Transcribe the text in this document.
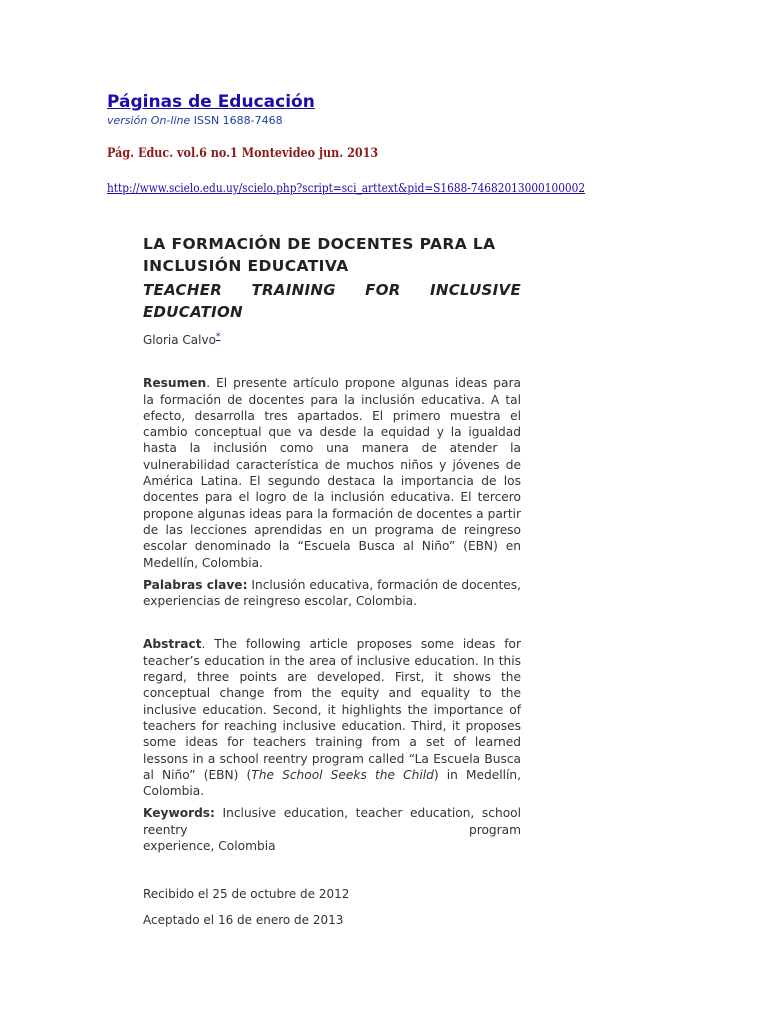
Páginas de Educación
versión On-line ISSN 1688-7468
Pág. Educ. vol.6 no.1 Montevideo jun. 2013
http://www.scielo.edu.uy/scielo.php?script=sci_arttext&pid=S1688-74682013000100002
LA FORMACIÓN DE DOCENTES PARA LA INCLUSIÓN EDUCATIVA
TEACHER TRAINING FOR INCLUSIVE EDUCATION
Gloria Calvo*

Resumen. El presente artículo propone algunas ideas para la formación de docentes para la inclusión educativa. A tal efecto, desarrolla tres apartados. El primero muestra el cambio conceptual que va desde la equidad y la igualdad hasta la inclusión como una manera de atender la vulnerabilidad característica de muchos niños y jóvenes de América Latina. El segundo destaca la importancia de los docentes para el logro de la inclusión educativa. El tercero propone algunas ideas para la formación de docentes a partir de las lecciones aprendidas en un programa de reingreso escolar denominado la “Escuela Busca al Niño” (EBN) en Medellín, Colombia.

Palabras clave: Inclusión educativa, formación de docentes, experiencias de reingreso escolar, Colombia.

Abstract. The following article proposes some ideas for teacher’s education in the area of inclusive education. In this regard, three points are developed. First, it shows the conceptual change from the equity and equality to the inclusive education. Second, it highlights the importance of teachers for reaching inclusive education. Third, it proposes some ideas for teachers training from a set of learned lessons in a school reentry program called “La Escuela Busca al Niño” (EBN) (The School Seeks the Child) in Medellín, Colombia.

Keywords: Inclusive education, teacher education, school
reentry program
experience, Colombia
Recibido el 25 de octubre de 2012
Aceptado el 16 de enero de 2013
